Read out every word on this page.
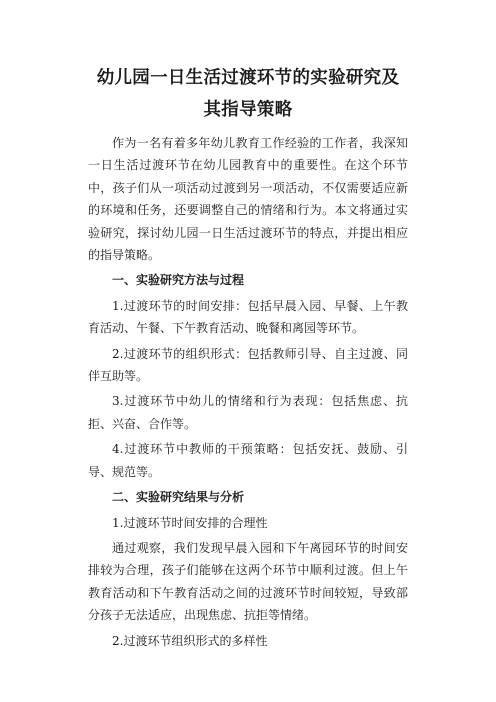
幼儿园一日生活过渡环节的实验研究及其指导策略

作为一名有着多年幼儿教育工作经验的工作者，我深知一日生活过渡环节在幼儿园教育中的重要性。在这个环节中，孩子们从一项活动过渡到另一项活动，不仅需要适应新的环境和任务，还要调整自己的情绪和行为。本文将通过实验研究，探讨幼儿园一日生活过渡环节的特点，并提出相应的指导策略。

一、实验研究方法与过程

1.过渡环节的时间安排：包括早晨入园、早餐、上午教育活动、午餐、下午教育活动、晚餐和离园等环节。

2.过渡环节的组织形式：包括教师引导、自主过渡、同伴互助等。

3.过渡环节中幼儿的情绪和行为表现：包括焦虑、抗拒、兴奋、合作等。

4.过渡环节中教师的干预策略：包括安抚、鼓励、引导、规范等。

二、实验研究结果与分析

1.过渡环节时间安排的合理性

通过观察，我们发现早晨入园和下午离园环节的时间安排较为合理，孩子们能够在这两个环节中顺利过渡。但上午教育活动和下午教育活动之间的过渡环节时间较短，导致部分孩子无法适应，出现焦虑、抗拒等情绪。

2.过渡环节组织形式的多样性
